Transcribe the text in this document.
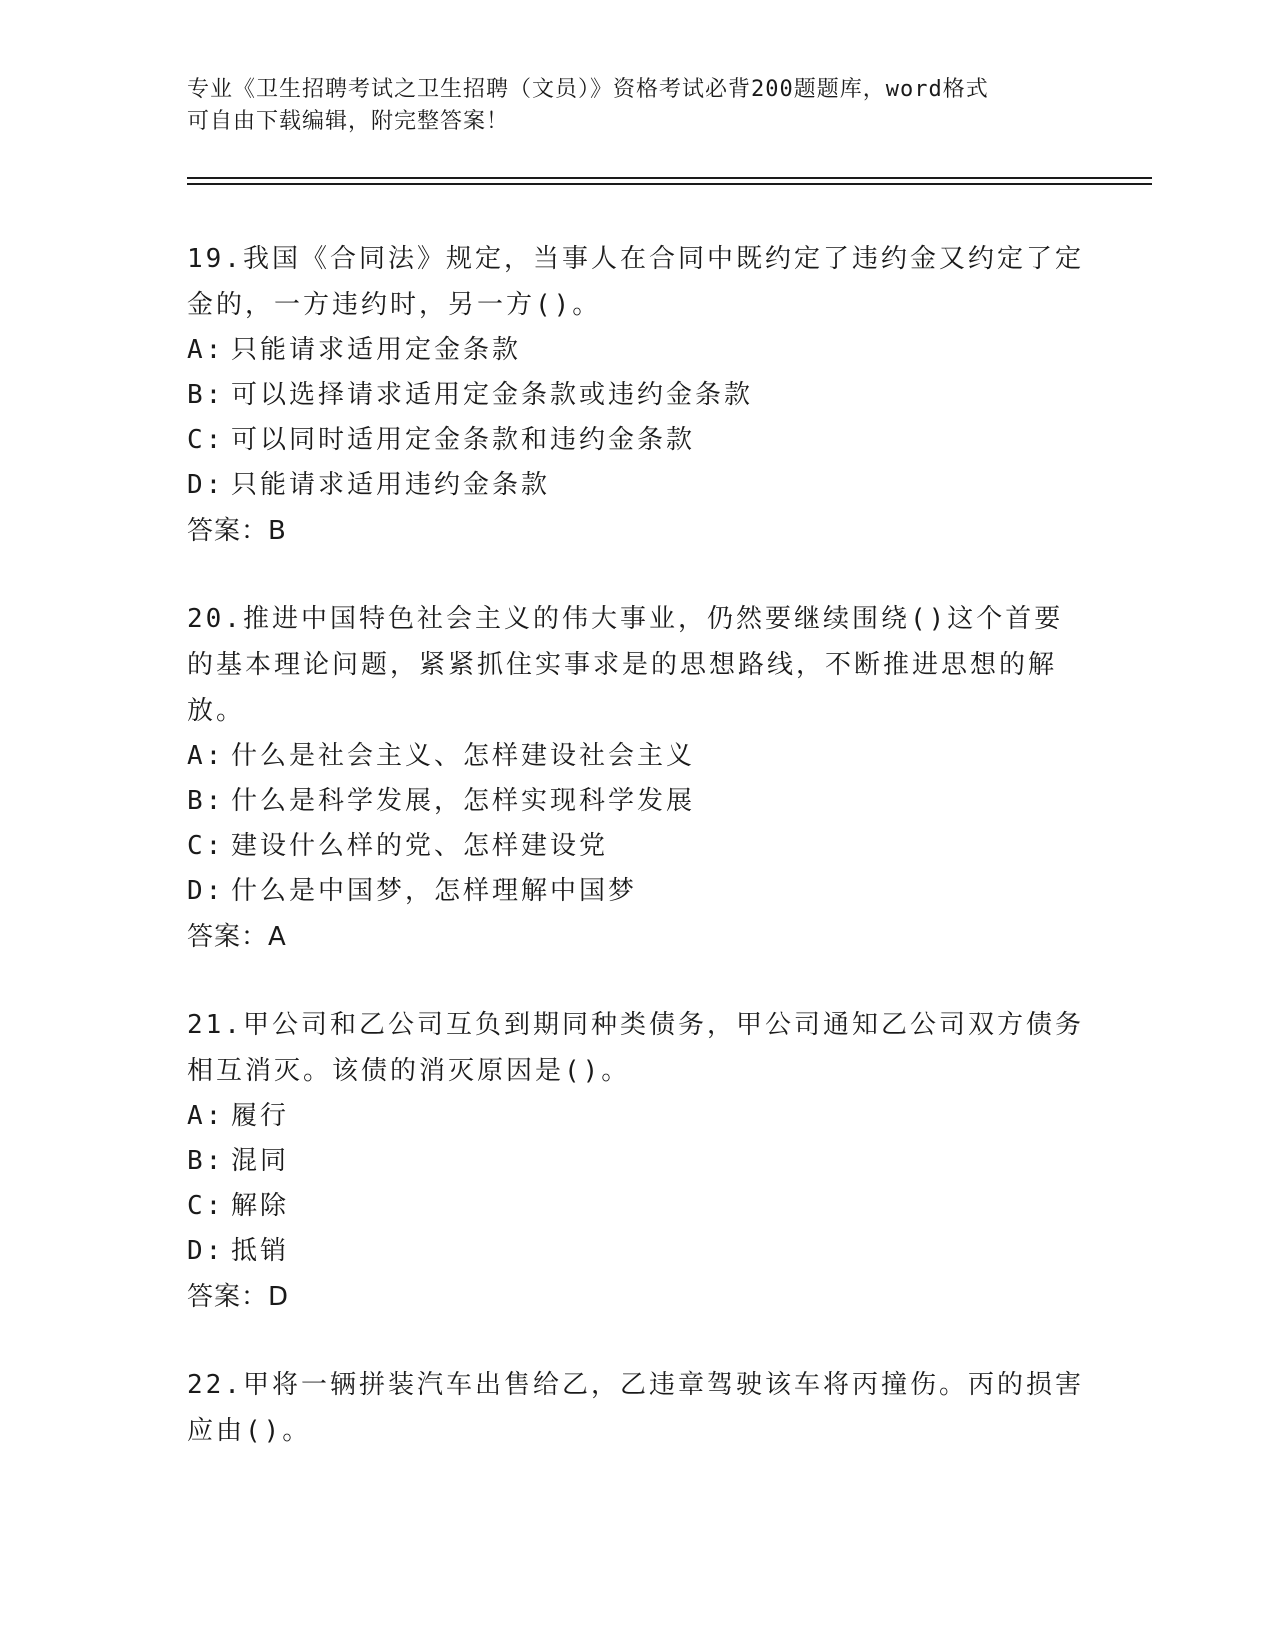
专业《卫生招聘考试之卫生招聘（文员）》资格考试必背200题题库，word格式
可自由下载编辑，附完整答案！

19.我国《合同法》规定，当事人在合同中既约定了违约金又约定了定金的，一方违约时，另一方()。

A: 只能请求适用定金条款

B: 可以选择请求适用定金条款或违约金条款

C: 可以同时适用定金条款和违约金条款

D: 只能请求适用违约金条款

答案：B

20.推进中国特色社会主义的伟大事业，仍然要继续围绕()这个首要的基本理论问题，紧紧抓住实事求是的思想路线，不断推进思想的解放。

A: 什么是社会主义、怎样建设社会主义

B: 什么是科学发展，怎样实现科学发展

C: 建设什么样的党、怎样建设党

D: 什么是中国梦，怎样理解中国梦

答案：A

21.甲公司和乙公司互负到期同种类债务，甲公司通知乙公司双方债务相互消灭。该债的消灭原因是()。

A: 履行

B: 混同

C: 解除

D: 抵销

答案：D

22.甲将一辆拼装汽车出售给乙，乙违章驾驶该车将丙撞伤。丙的损害应由()。
